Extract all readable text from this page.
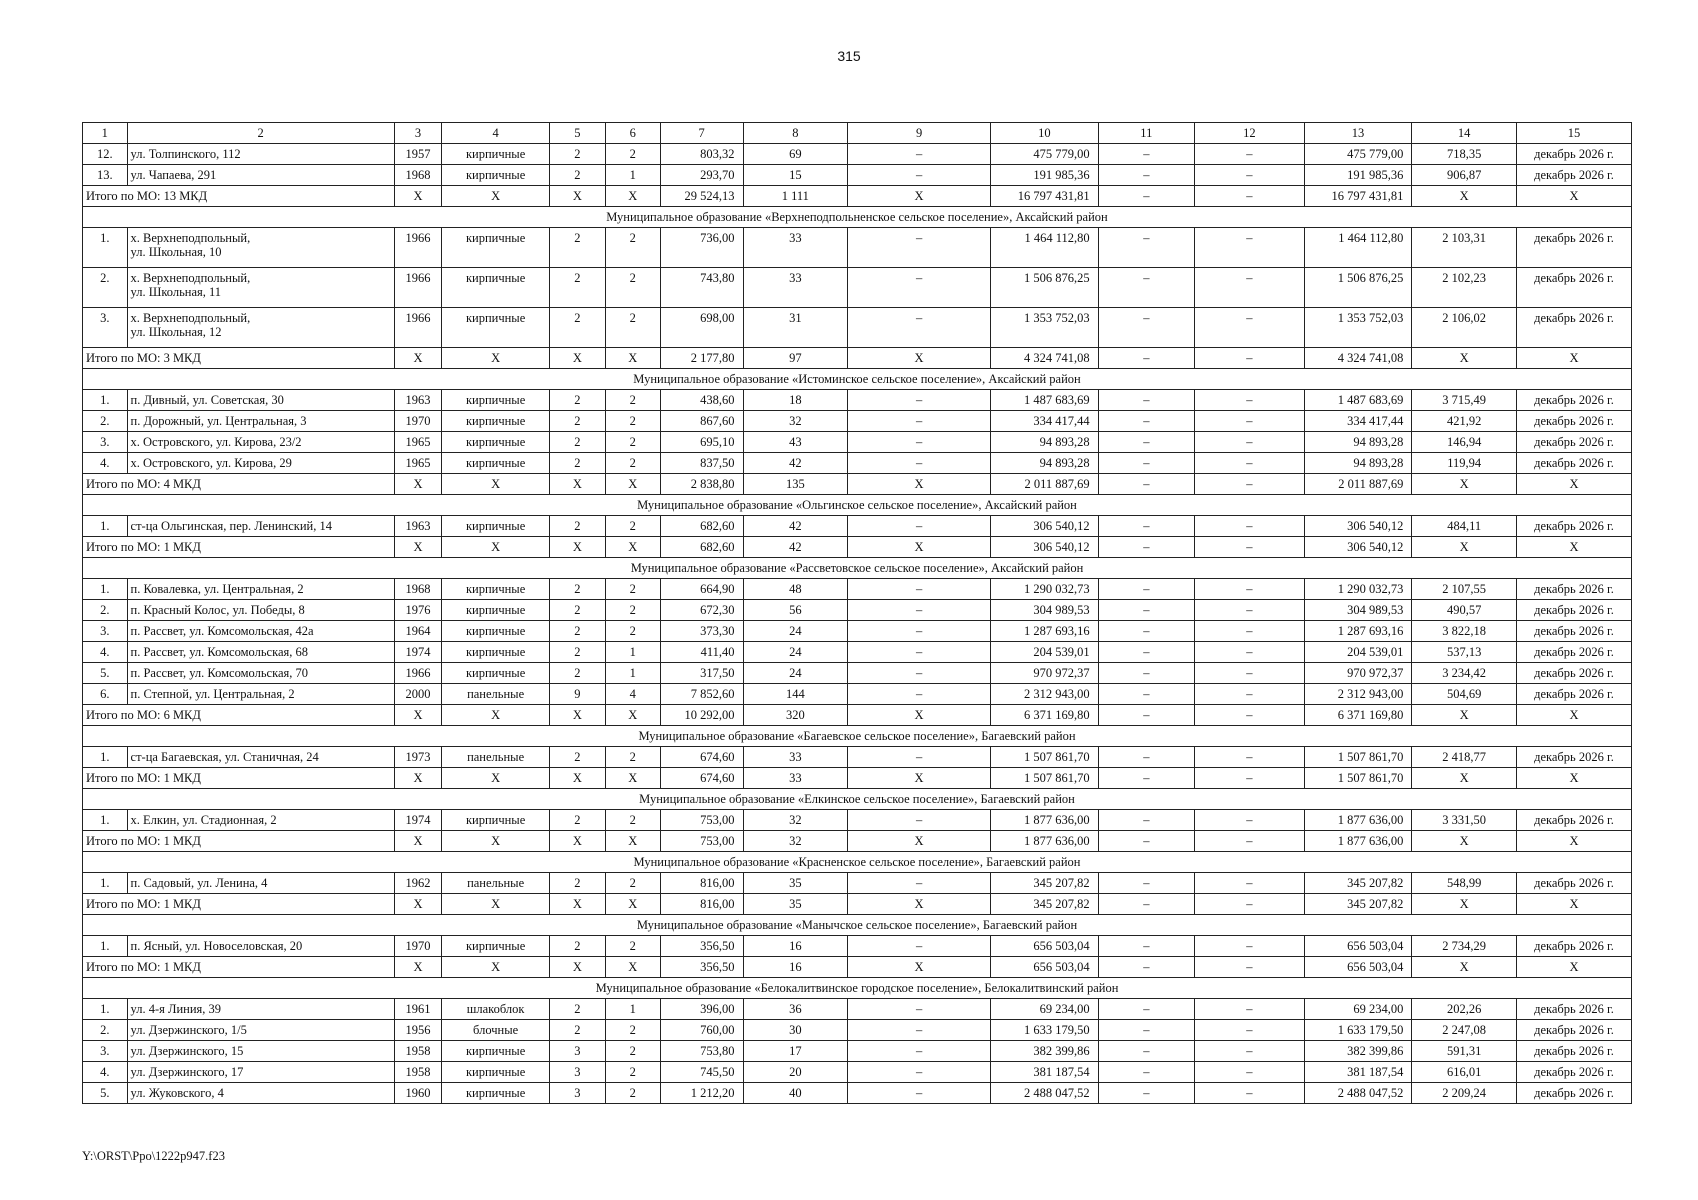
315
1	2	3	4	5	6	7	8	9	10	11	12	13	14	15
12.	ул. Толпинского, 112	1957	кирпичные	2	2	803,32	69	–	475 779,00	–	–	475 779,00	718,35	декабрь 2026 г.
13.	ул. Чапаева, 291	1968	кирпичные	2	1	293,70	15	–	191 985,36	–	–	191 985,36	906,87	декабрь 2026 г.
Итого по МО: 13 МКД		X	X	X	X	29 524,13	1 111	X	16 797 431,81	–	–	16 797 431,81	X	X
Муниципальное образование «Верхнеподпольненское сельское поселение», Аксайский район														
1.	х. Верхнеподпольный,
ул. Школьная, 10	1966	кирпичные	2	2	736,00	33	–	1 464 112,80	–	–	1 464 112,80	2 103,31	декабрь 2026 г.
2.	х. Верхнеподпольный,
ул. Школьная, 11	1966	кирпичные	2	2	743,80	33	–	1 506 876,25	–	–	1 506 876,25	2 102,23	декабрь 2026 г.
3.	х. Верхнеподпольный,
ул. Школьная, 12	1966	кирпичные	2	2	698,00	31	–	1 353 752,03	–	–	1 353 752,03	2 106,02	декабрь 2026 г.
Итого по МО: 3 МКД		X	X	X	X	2 177,80	97	X	4 324 741,08	–	–	4 324 741,08	X	X
Муниципальное образование «Истоминское сельское поселение», Аксайский район														
1.	п. Дивный, ул. Советская, 30	1963	кирпичные	2	2	438,60	18	–	1 487 683,69	–	–	1 487 683,69	3 715,49	декабрь 2026 г.
2.	п. Дорожный, ул. Центральная, 3	1970	кирпичные	2	2	867,60	32	–	334 417,44	–	–	334 417,44	421,92	декабрь 2026 г.
3.	х. Островского, ул. Кирова, 23/2	1965	кирпичные	2	2	695,10	43	–	94 893,28	–	–	94 893,28	146,94	декабрь 2026 г.
4.	х. Островского, ул. Кирова, 29	1965	кирпичные	2	2	837,50	42	–	94 893,28	–	–	94 893,28	119,94	декабрь 2026 г.
Итого по МО: 4 МКД		X	X	X	X	2 838,80	135	X	2 011 887,69	–	–	2 011 887,69	X	X
Муниципальное образование «Ольгинское сельское поселение», Аксайский район														
1.	ст-ца Ольгинская, пер. Ленинский, 14	1963	кирпичные	2	2	682,60	42	–	306 540,12	–	–	306 540,12	484,11	декабрь 2026 г.
Итого по МО: 1 МКД		X	X	X	X	682,60	42	X	306 540,12	–	–	306 540,12	X	X
Муниципальное образование «Рассветовское сельское поселение», Аксайский район														
1.	п. Ковалевка, ул. Центральная, 2	1968	кирпичные	2	2	664,90	48	–	1 290 032,73	–	–	1 290 032,73	2 107,55	декабрь 2026 г.
2.	п. Красный Колос, ул. Победы, 8	1976	кирпичные	2	2	672,30	56	–	304 989,53	–	–	304 989,53	490,57	декабрь 2026 г.
3.	п. Рассвет, ул. Комсомольская, 42а	1964	кирпичные	2	2	373,30	24	–	1 287 693,16	–	–	1 287 693,16	3 822,18	декабрь 2026 г.
4.	п. Рассвет, ул. Комсомольская, 68	1974	кирпичные	2	1	411,40	24	–	204 539,01	–	–	204 539,01	537,13	декабрь 2026 г.
5.	п. Рассвет, ул. Комсомольская, 70	1966	кирпичные	2	1	317,50	24	–	970 972,37	–	–	970 972,37	3 234,42	декабрь 2026 г.
6.	п. Степной, ул. Центральная, 2	2000	панельные	9	4	7 852,60	144	–	2 312 943,00	–	–	2 312 943,00	504,69	декабрь 2026 г.
Итого по МО: 6 МКД		X	X	X	X	10 292,00	320	X	6 371 169,80	–	–	6 371 169,80	X	X
Муниципальное образование «Багаевское сельское поселение», Багаевский район														
1.	ст-ца Багаевская, ул. Станичная, 24	1973	панельные	2	2	674,60	33	–	1 507 861,70	–	–	1 507 861,70	2 418,77	декабрь 2026 г.
Итого по МО: 1 МКД		X	X	X	X	674,60	33	X	1 507 861,70	–	–	1 507 861,70	X	X
Муниципальное образование «Елкинское сельское поселение», Багаевский район														
1.	х. Елкин, ул. Стадионная, 2	1974	кирпичные	2	2	753,00	32	–	1 877 636,00	–	–	1 877 636,00	3 331,50	декабрь 2026 г.
Итого по МО: 1 МКД		X	X	X	X	753,00	32	X	1 877 636,00	–	–	1 877 636,00	X	X
Муниципальное образование «Красненское сельское поселение», Багаевский район														
1.	п. Садовый, ул. Ленина, 4	1962	панельные	2	2	816,00	35	–	345 207,82	–	–	345 207,82	548,99	декабрь 2026 г.
Итого по МО: 1 МКД		X	X	X	X	816,00	35	X	345 207,82	–	–	345 207,82	X	X
Муниципальное образование «Манычское сельское поселение», Багаевский район														
1.	п. Ясный, ул. Новоселовская, 20	1970	кирпичные	2	2	356,50	16	–	656 503,04	–	–	656 503,04	2 734,29	декабрь 2026 г.
Итого по МО: 1 МКД		X	X	X	X	356,50	16	X	656 503,04	–	–	656 503,04	X	X
Муниципальное образование «Белокалитвинское городское поселение», Белокалитвинский район														
1.	ул. 4-я Линия, 39	1961	шлакоблок	2	1	396,00	36	–	69 234,00	–	–	69 234,00	202,26	декабрь 2026 г.
2.	ул. Дзержинского, 1/5	1956	блочные	2	2	760,00	30	–	1 633 179,50	–	–	1 633 179,50	2 247,08	декабрь 2026 г.
3.	ул. Дзержинского, 15	1958	кирпичные	3	2	753,80	17	–	382 399,86	–	–	382 399,86	591,31	декабрь 2026 г.
4.	ул. Дзержинского, 17	1958	кирпичные	3	2	745,50	20	–	381 187,54	–	–	381 187,54	616,01	декабрь 2026 г.
5.	ул. Жуковского, 4	1960	кирпичные	3	2	1 212,20	40	–	2 488 047,52	–	–	2 488 047,52	2 209,24	декабрь 2026 г.
Y:\ORST\Ppo\1222p947.f23
